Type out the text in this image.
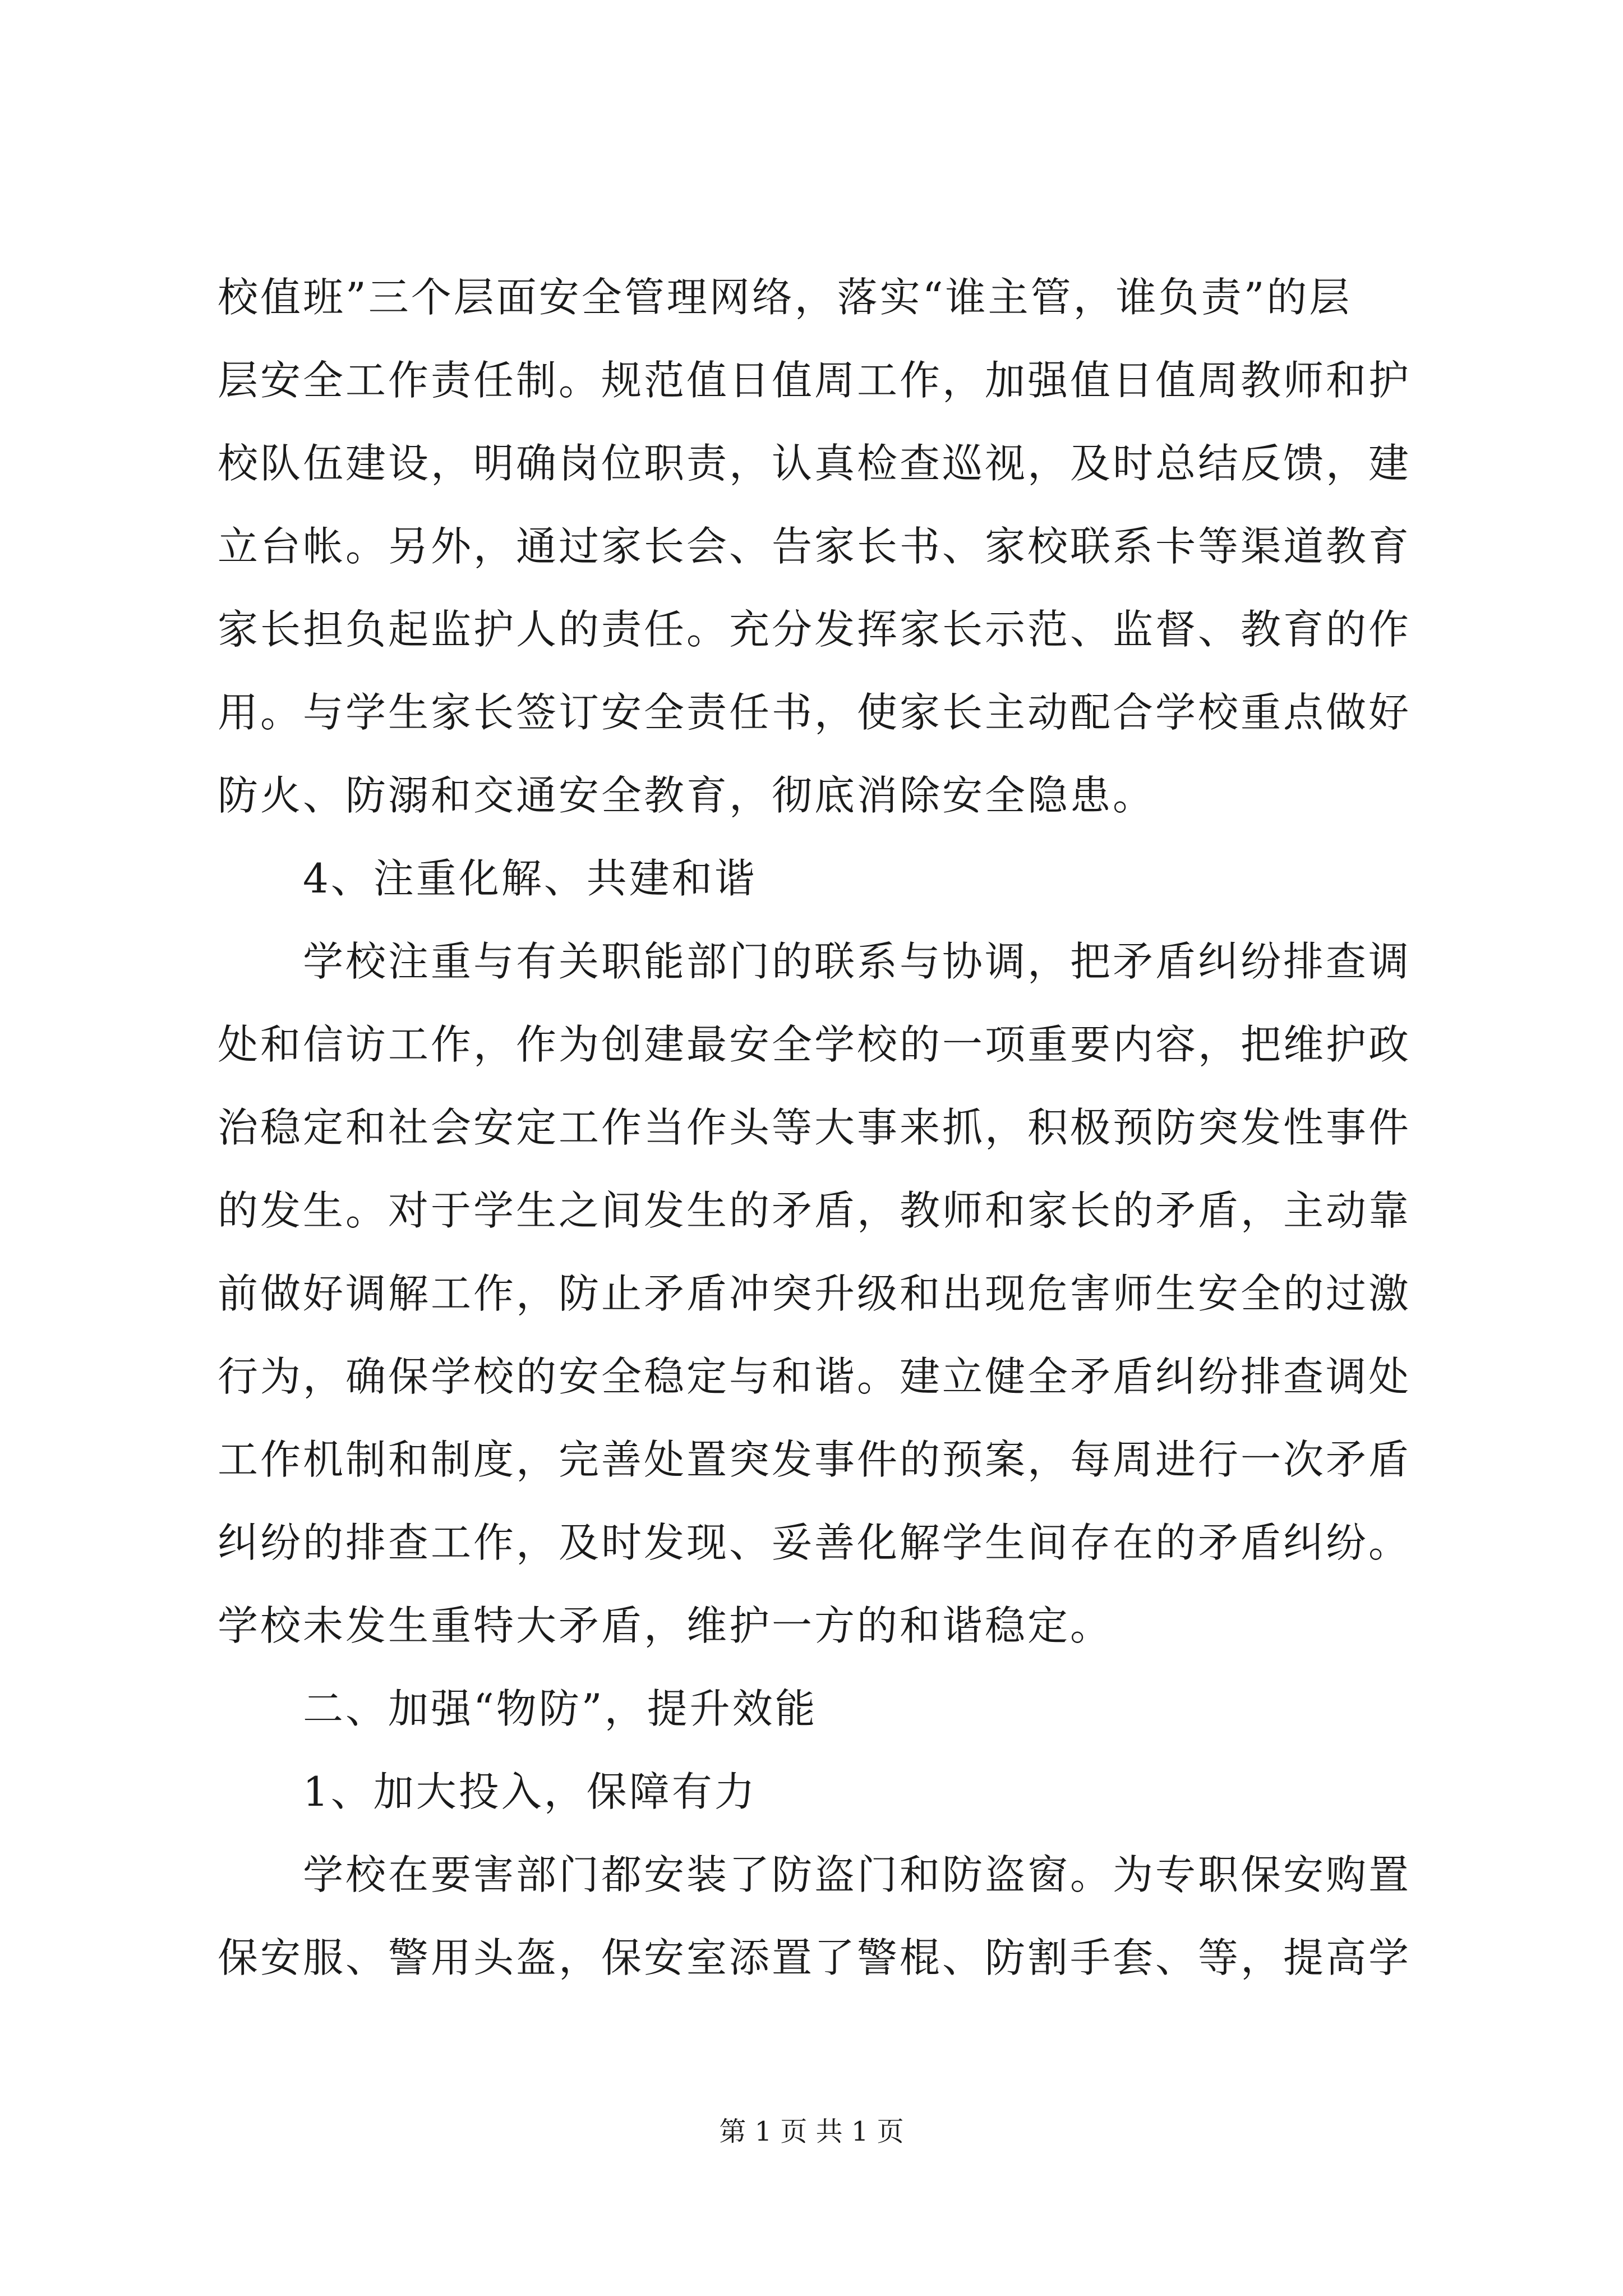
校值班”三个层面安全管理网络，落实“谁主管，谁负责”的层
层安全工作责任制。规范值日值周工作，加强值日值周教师和护
校队伍建设，明确岗位职责，认真检查巡视，及时总结反馈，建
立台帐。另外，通过家长会、告家长书、家校联系卡等渠道教育
家长担负起监护人的责任。充分发挥家长示范、监督、教育的作
用。与学生家长签订安全责任书，使家长主动配合学校重点做好
防火、防溺和交通安全教育，彻底消除安全隐患。
4、注重化解、共建和谐
学校注重与有关职能部门的联系与协调，把矛盾纠纷排查调
处和信访工作，作为创建最安全学校的一项重要内容，把维护政
治稳定和社会安定工作当作头等大事来抓，积极预防突发性事件
的发生。对于学生之间发生的矛盾，教师和家长的矛盾，主动靠
前做好调解工作，防止矛盾冲突升级和出现危害师生安全的过激
行为，确保学校的安全稳定与和谐。建立健全矛盾纠纷排查调处
工作机制和制度，完善处置突发事件的预案，每周进行一次矛盾
纠纷的排查工作，及时发现、妥善化解学生间存在的矛盾纠纷。
学校未发生重特大矛盾，维护一方的和谐稳定。
二、加强“物防”，提升效能
1、加大投入，保障有力
学校在要害部门都安装了防盗门和防盗窗。为专职保安购置
保安服、警用头盔，保安室添置了警棍、防割手套、等，提高学
第 1 页 共 1 页
